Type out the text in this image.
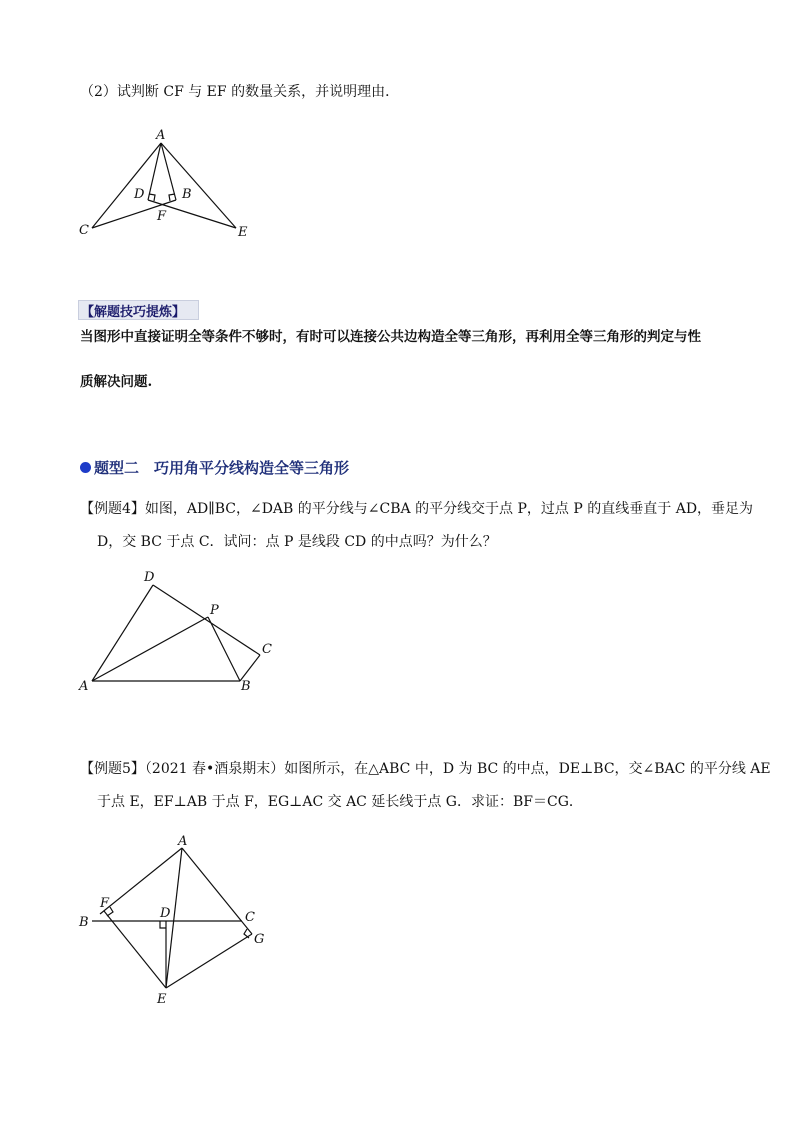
（2）试判断 CF 与 EF 的数量关系，并说明理由．
【解题技巧提炼】
当图形中直接证明全等条件不够时，有时可以连接公共边构造全等三角形，再利用全等三角形的判定与性
质解决问题.
题型二　巧用角平分线构造全等三角形
【例题4】如图，AD∥BC，∠DAB 的平分线与∠CBA 的平分线交于点 P，过点 P 的直线垂直于 AD，垂足为
D，交 BC 于点 C．试问：点 P 是线段 CD 的中点吗？为什么？
【例题5】（2021 春•酒泉期末）如图所示，在△ABC 中，D 为 BC 的中点，DE⊥BC，交∠BAC 的平分线 AE
于点 E，EF⊥AB 于点 F，EG⊥AC 交 AC 延长线于点 G．求证：BF＝CG．
A
D	B
C
F
E
D
P
C
A	B
A
F
B
D	C
G
E
